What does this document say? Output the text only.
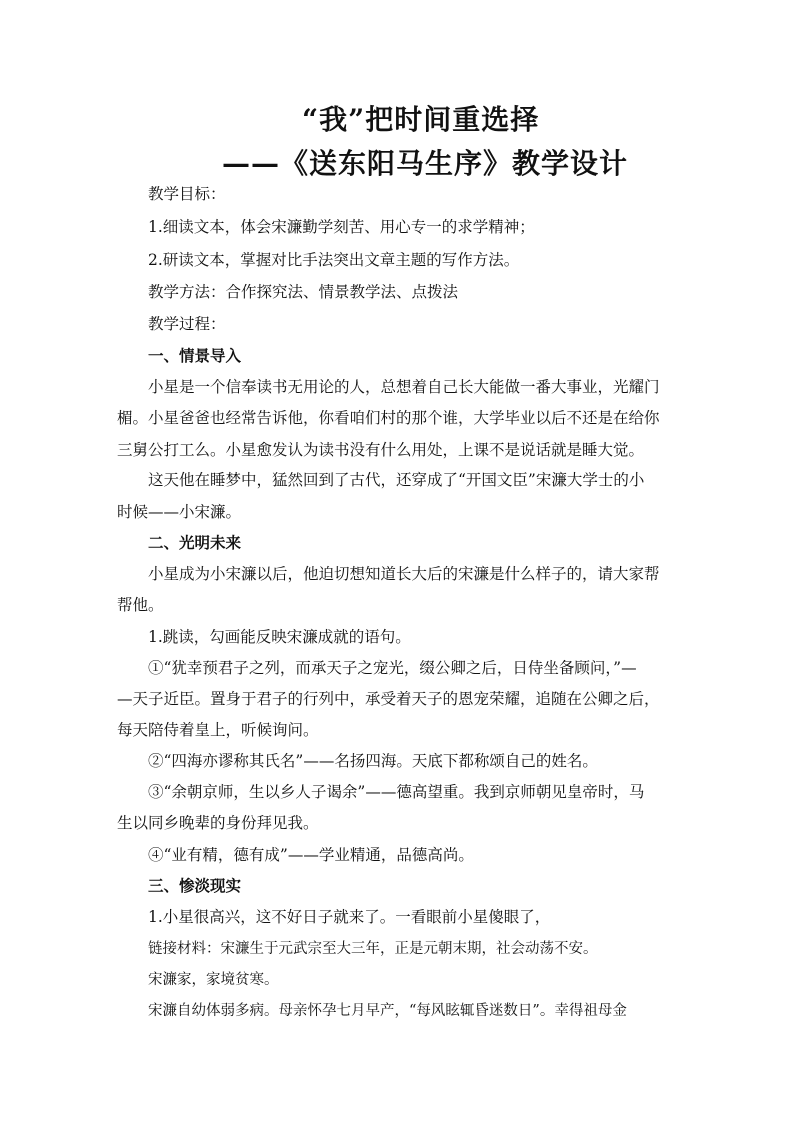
“我”把时间重选择
——《送东阳马生序》教学设计
教学目标：
1.细读文本，体会宋濂勤学刻苦、用心专一的求学精神；
2.研读文本，掌握对比手法突出文章主题的写作方法。
教学方法：合作探究法、情景教学法、点拨法
教学过程：
一、情景导入
小星是一个信奉读书无用论的人，总想着自己长大能做一番大事业，光耀门
楣。小星爸爸也经常告诉他，你看咱们村的那个谁，大学毕业以后不还是在给你
三舅公打工么。小星愈发认为读书没有什么用处，上课不是说话就是睡大觉。
这天他在睡梦中，猛然回到了古代，还穿成了“开国文臣”宋濂大学士的小
时候——小宋濂。
二、光明未来
小星成为小宋濂以后，他迫切想知道长大后的宋濂是什么样子的，请大家帮
帮他。
1.跳读，勾画能反映宋濂成就的语句。
①“犹幸预君子之列，而承天子之宠光，缀公卿之后，日侍坐备顾问，”—
—天子近臣。置身于君子的行列中，承受着天子的恩宠荣耀，追随在公卿之后，
每天陪侍着皇上，听候询问。
②“四海亦谬称其氏名”——名扬四海。天底下都称颂自己的姓名。
③“余朝京师，生以乡人子谒余”——德高望重。我到京师朝见皇帝时，马
生以同乡晚辈的身份拜见我。
④“业有精，德有成”——学业精通，品德高尚。
三、惨淡现实
1.小星很高兴，这不好日子就来了。一看眼前小星傻眼了，
链接材料：宋濂生于元武宗至大三年，正是元朝末期，社会动荡不安。
宋濂家，家境贫寒。
宋濂自幼体弱多病。母亲怀孕七月早产，“每风眩辄昏迷数日”。幸得祖母金
